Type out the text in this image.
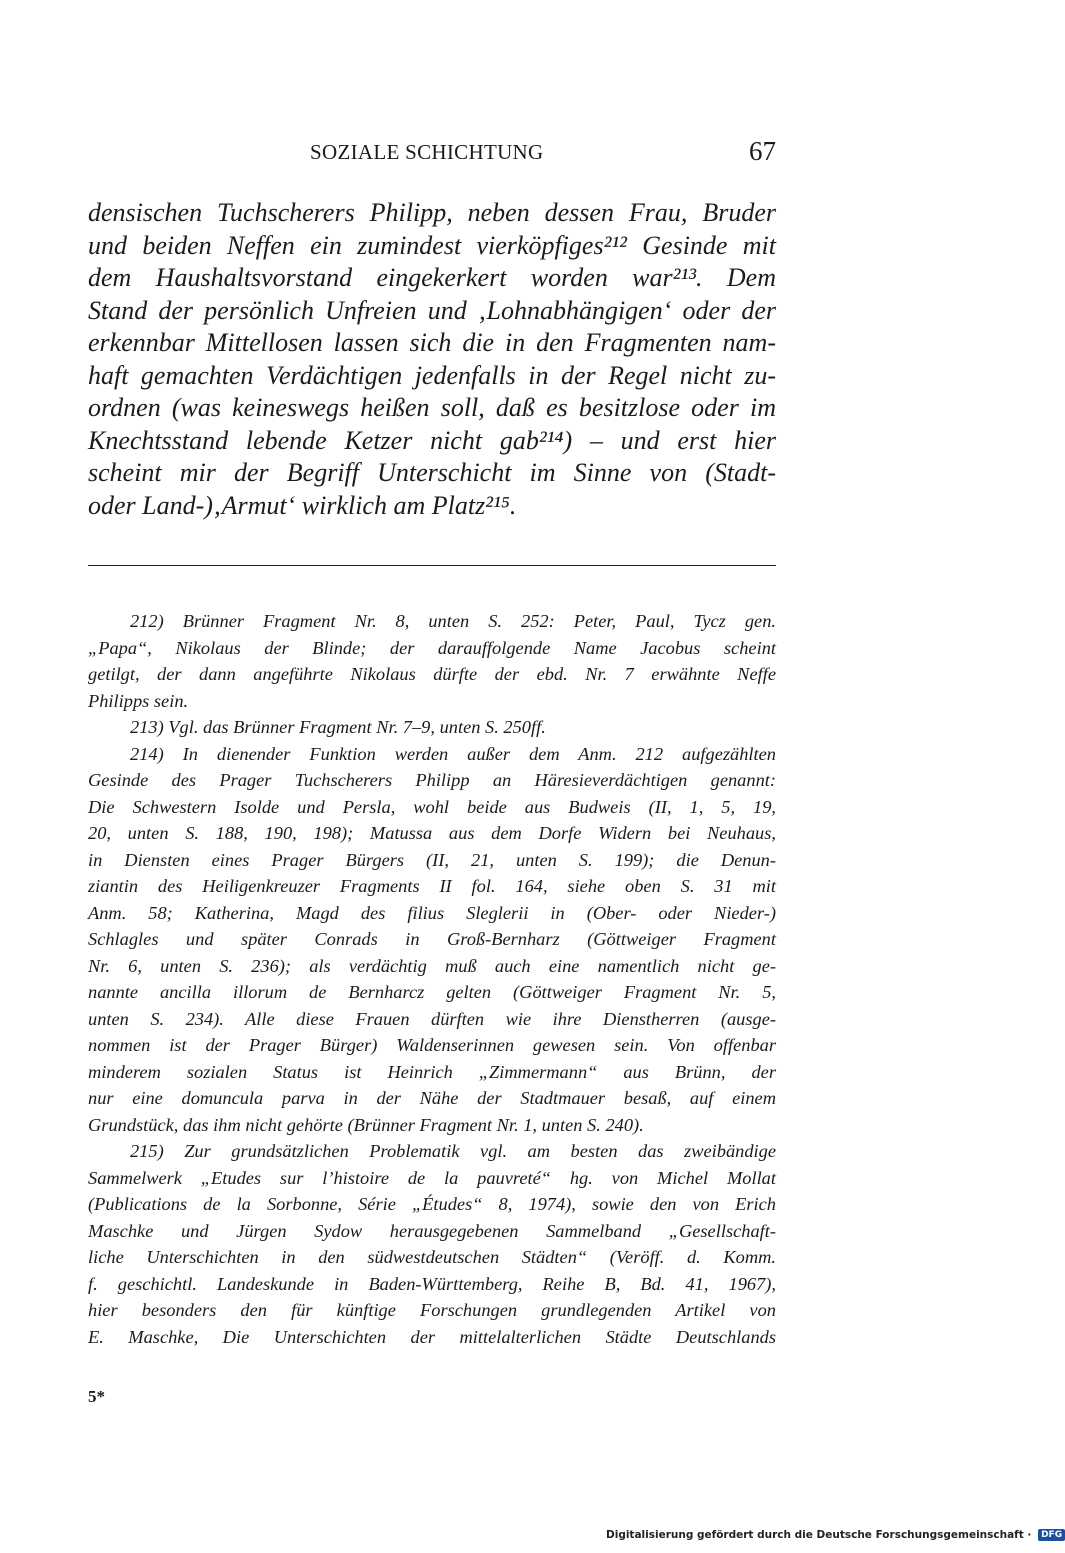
SOZIALE SCHICHTUNG	67
densischen Tuchscherers Philipp, neben dessen Frau, Bruder
und beiden Neffen ein zumindest vierköpfiges²¹² Gesinde mit
dem Haushaltsvorstand eingekerkert worden war²¹³. Dem
Stand der persönlich Unfreien und ‚Lohnabhängigen‘ oder der
erkennbar Mittellosen lassen sich die in den Fragmenten nam-
haft gemachten Verdächtigen jedenfalls in der Regel nicht zu-
ordnen (was keineswegs heißen soll, daß es besitzlose oder im
Knechtsstand lebende Ketzer nicht gab²¹⁴) – und erst hier
scheint mir der Begriff Unterschicht im Sinne von (Stadt-
oder Land-)‚Armut‘ wirklich am Platz²¹⁵.
212) Brünner Fragment Nr. 8, unten S. 252: Peter, Paul, Tycz gen.
„Papa“, Nikolaus der Blinde; der darauffolgende Name Jacobus scheint
getilgt, der dann angeführte Nikolaus dürfte der ebd. Nr. 7 erwähnte Neffe
Philipps sein.
213) Vgl. das Brünner Fragment Nr. 7–9, unten S. 250ff.
214) In dienender Funktion werden außer dem Anm. 212 aufgezählten
Gesinde des Prager Tuchscherers Philipp an Häresieverdächtigen genannt:
Die Schwestern Isolde und Persla, wohl beide aus Budweis (II, 1, 5, 19,
20, unten S. 188, 190, 198); Matussa aus dem Dorfe Widern bei Neuhaus,
in Diensten eines Prager Bürgers (II, 21, unten S. 199); die Denun-
ziantin des Heiligenkreuzer Fragments II fol. 164, siehe oben S. 31 mit
Anm. 58; Katherina, Magd des filius Sleglerii in (Ober- oder Nieder-)
Schlagles und später Conrads in Groß-Bernharz (Göttweiger Fragment
Nr. 6, unten S. 236); als verdächtig muß auch eine namentlich nicht ge-
nannte ancilla illorum de Bernharcz gelten (Göttweiger Fragment Nr. 5,
unten S. 234). Alle diese Frauen dürften wie ihre Dienstherren (ausge-
nommen ist der Prager Bürger) Waldenserinnen gewesen sein. Von offenbar
minderem sozialen Status ist Heinrich „Zimmermann“ aus Brünn, der
nur eine domuncula parva in der Nähe der Stadtmauer besaß, auf einem
Grundstück, das ihm nicht gehörte (Brünner Fragment Nr. 1, unten S. 240).
215) Zur grundsätzlichen Problematik vgl. am besten das zweibändige
Sammelwerk „Etudes sur l’histoire de la pauvreté“ hg. von Michel Mollat
(Publications de la Sorbonne, Série „Études“ 8, 1974), sowie den von Erich
Maschke und Jürgen Sydow herausgegebenen Sammelband „Gesellschaft-
liche Unterschichten in den südwestdeutschen Städten“ (Veröff. d. Komm.
f. geschichtl. Landeskunde in Baden-Württemberg, Reihe B, Bd. 41, 1967),
hier besonders den für künftige Forschungen grundlegenden Artikel von
E. Maschke, Die Unterschichten der mittelalterlichen Städte Deutschlands
5*
Digitalisierung gefördert durch die Deutsche Forschungsgemeinschaft · DFG
